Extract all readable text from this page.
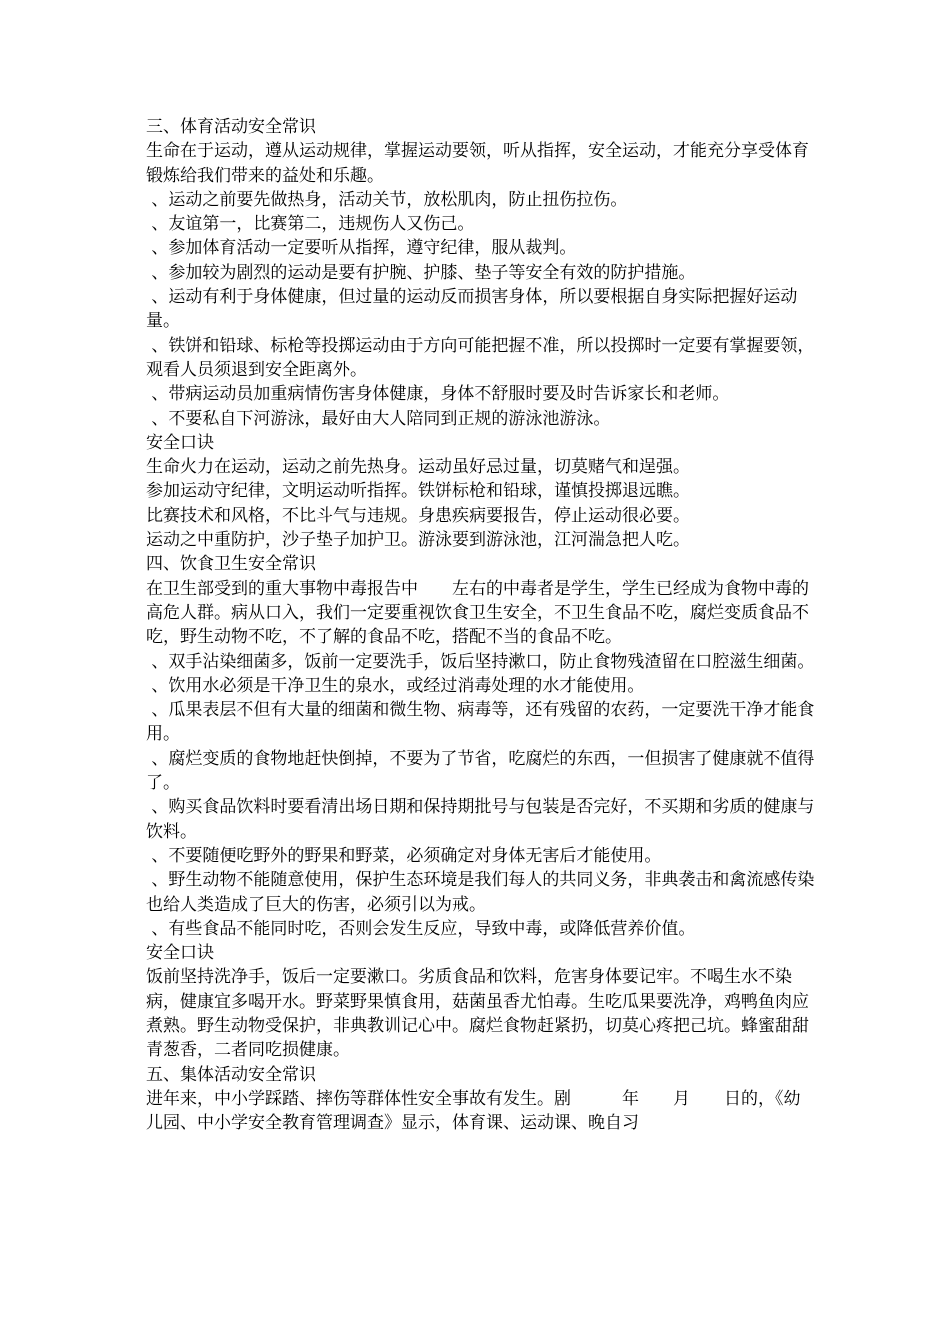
三、体育活动安全常识

生命在于运动，遵从运动规律，掌握运动要领，听从指挥，安全运动，才能充分享受体育锻炼给我们带来的益处和乐趣。

、运动之前要先做热身，活动关节，放松肌肉，防止扭伤拉伤。

、友谊第一，比赛第二，违规伤人又伤己。

、参加体育活动一定要听从指挥，遵守纪律，服从裁判。

、参加较为剧烈的运动是要有护腕、护膝、垫子等安全有效的防护措施。

、运动有利于身体健康，但过量的运动反而损害身体，所以要根据自身实际把握好运动量。

、铁饼和铅球、标枪等投掷运动由于方向可能把握不准，所以投掷时一定要有掌握要领，观看人员须退到安全距离外。

、带病运动员加重病情伤害身体健康，身体不舒服时要及时告诉家长和老师。

、不要私自下河游泳，最好由大人陪同到正规的游泳池游泳。

安全口诀

生命火力在运动，运动之前先热身。运动虽好忌过量，切莫赌气和逞强。

参加运动守纪律，文明运动听指挥。铁饼标枪和铅球，谨慎投掷退远瞧。

比赛技术和风格，不比斗气与违规。身患疾病要报告，停止运动很必要。

运动之中重防护，沙子垫子加护卫。游泳要到游泳池，江河湍急把人吃。

四、饮食卫生安全常识

在卫生部受到的重大事物中毒报告中　　左右的中毒者是学生，学生已经成为食物中毒的高危人群。病从口入，我们一定要重视饮食卫生安全，不卫生食品不吃，腐烂变质食品不吃，野生动物不吃，不了解的食品不吃，搭配不当的食品不吃。

、双手沾染细菌多，饭前一定要洗手，饭后坚持漱口，防止食物残渣留在口腔滋生细菌。

、饮用水必须是干净卫生的泉水，或经过消毒处理的水才能使用。

、瓜果表层不但有大量的细菌和微生物、病毒等，还有残留的农药，一定要洗干净才能食用。

、腐烂变质的食物地赶快倒掉，不要为了节省，吃腐烂的东西，一但损害了健康就不值得了。

、购买食品饮料时要看清出场日期和保持期批号与包装是否完好，不买期和劣质的健康与饮料。

、不要随便吃野外的野果和野菜，必须确定对身体无害后才能使用。

、野生动物不能随意使用，保护生态环境是我们每人的共同义务，非典袭击和禽流感传染也给人类造成了巨大的伤害，必须引以为戒。

、有些食品不能同时吃，否则会发生反应，导致中毒，或降低营养价值。

安全口诀

饭前坚持洗净手，饭后一定要漱口。劣质食品和饮料，危害身体要记牢。不喝生水不染病，健康宜多喝开水。野菜野果慎食用，菇菌虽香尤怕毒。生吃瓜果要洗净，鸡鸭鱼肉应煮熟。野生动物受保护，非典教训记心中。腐烂食物赶紧扔，切莫心疼把己坑。蜂蜜甜甜青葱香，二者同吃损健康。

五、集体活动安全常识

进年来，中小学踩踏、摔伤等群体性安全事故有发生。剧　　　年　　月　　日的，《幼儿园、中小学安全教育管理调查》显示，体育课、运动课、晚自习
